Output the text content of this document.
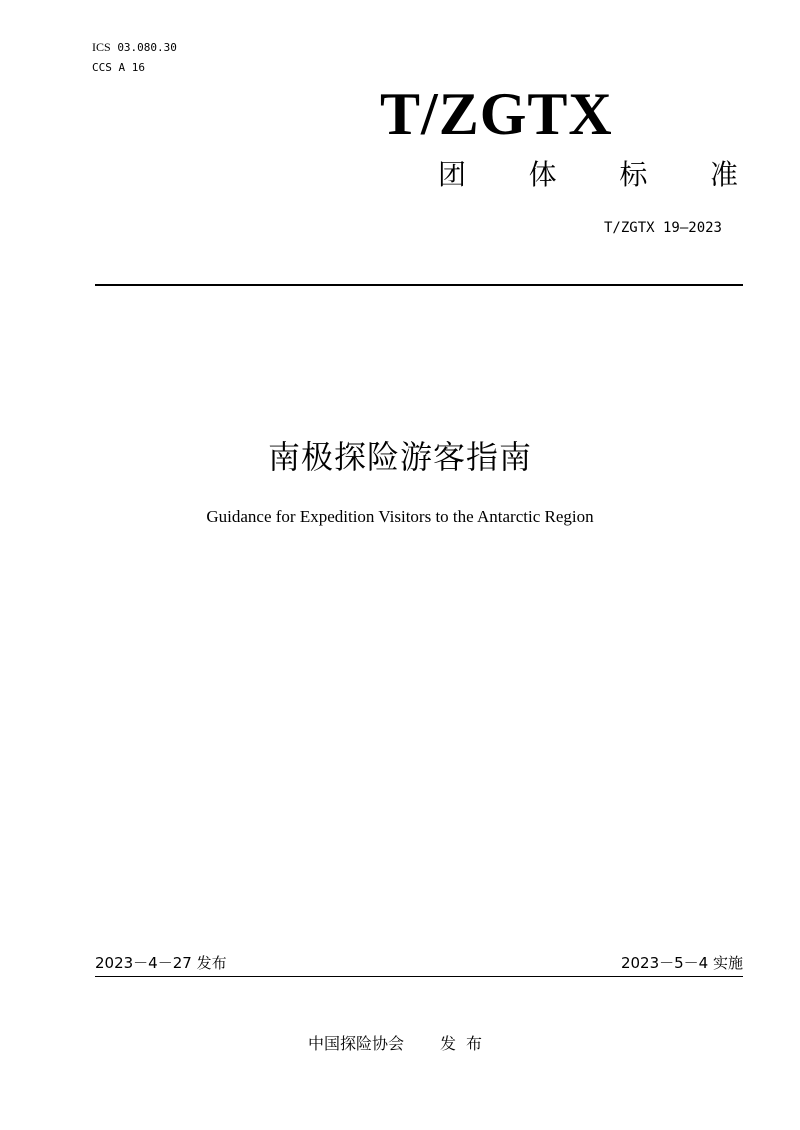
ICS 03.080.30
CCS A 16
T/ZGTX
团 体 标 准
T/ZGTX 19—2023
南极探险游客指南
Guidance for Expedition Visitors to the Antarctic Region
2023－4－27 发布	2023－5－4 实施
中国探险协会 发布
